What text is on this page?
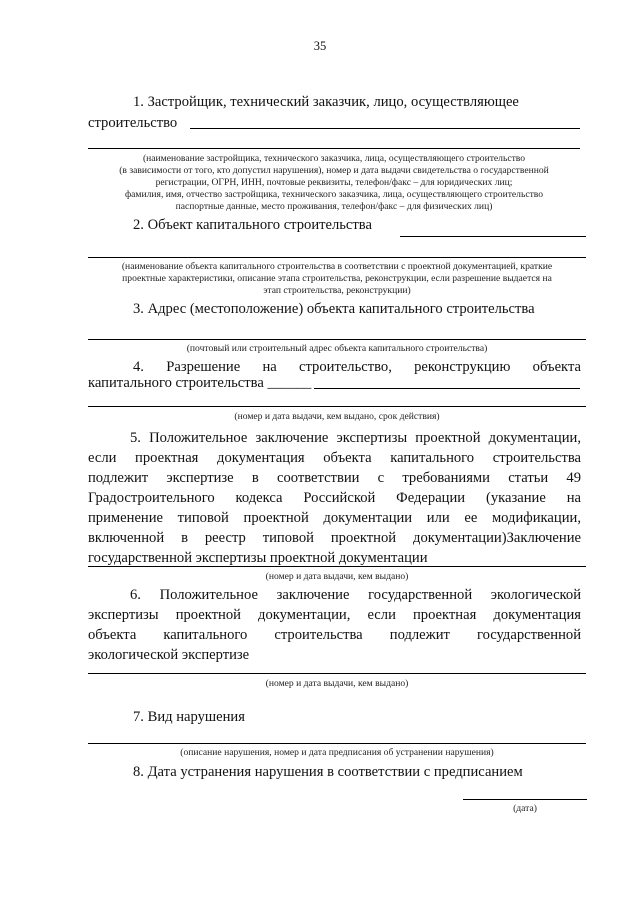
35
1. Застройщик, технический заказчик, лицо, осуществляющее
строительство
(наименование застройщика, технического заказчика, лица, осуществляющего строительство
(в зависимости от того, кто допустил нарушения), номер и дата выдачи свидетельства о государственной
регистрации, ОГРН, ИНН, почтовые реквизиты, телефон/факс – для юридических лиц;
фамилия, имя, отчество застройщика, технического заказчика, лица, осуществляющего строительство
паспортные данные, место проживания, телефон/факс – для физических лиц)
2. Объект капитального строительства
(наименование объекта капитального строительства в соответствии с проектной документацией, краткие
проектные характеристики, описание этапа строительства, реконструкции, если разрешение выдается на
этап строительства, реконструкции)
3. Адрес (местоположение) объекта капитального строительства
(почтовый или строительный адрес объекта капитального строительства)
4. Разрешение на строительство, реконструкцию объекта
капитального строительства ______
(номер и дата выдачи, кем выдано, срок действия)
5. Положительное заключение экспертизы проектной документации,
если проектная документация объекта капитального строительства
подлежит экспертизе в соответствии с требованиями статьи 49
Градостроительного кодекса Российской Федерации (указание на
применение типовой проектной документации или ее модификации,
включенной в реестр типовой проектной документации)Заключение
государственной экспертизы проектной документации
(номер и дата выдачи, кем выдано)
6. Положительное заключение государственной экологической
экспертизы проектной документации, если проектная документация
объекта капитального строительства подлежит государственной
экологической экспертизе
(номер и дата выдачи, кем выдано)
7. Вид нарушения
(описание нарушения, номер и дата предписания об устранении нарушения)
8. Дата устранения нарушения в соответствии с предписанием
(дата)
